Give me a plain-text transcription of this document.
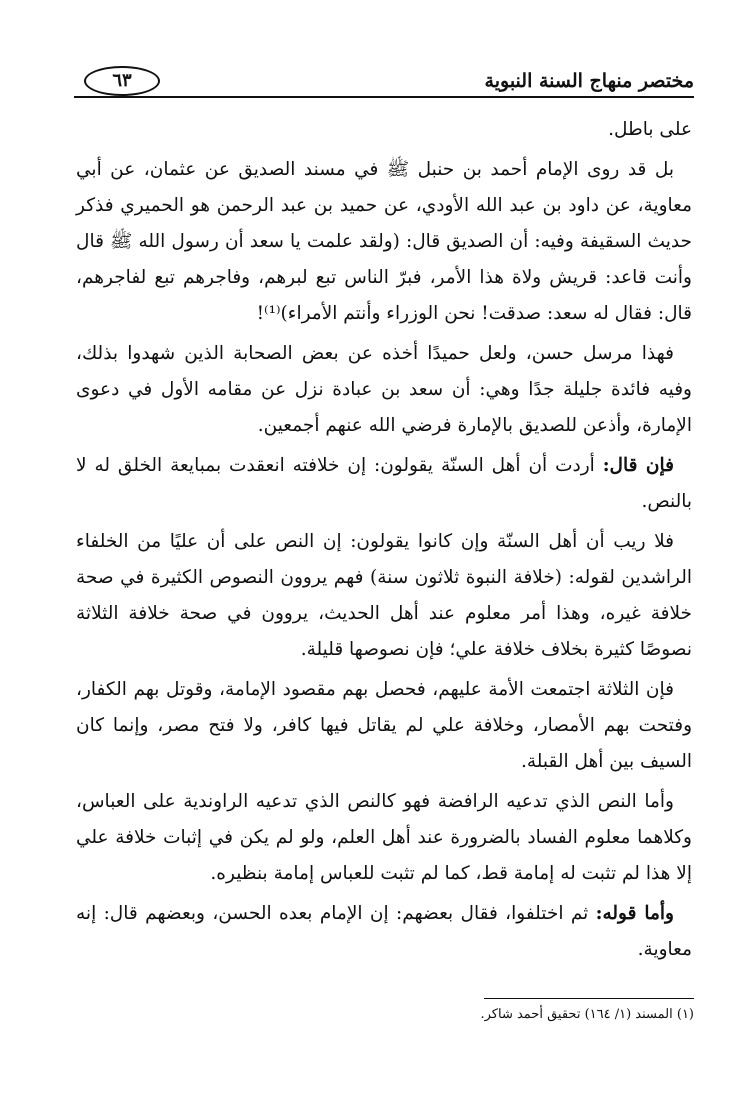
مختصر منهاج السنة النبوية
٦٣

على باطل.

بل قد روى الإمام أحمد بن حنبل ﷺ في مسند الصديق عن عثمان، عن أبي معاوية، عن داود بن عبد الله الأودي، عن حميد بن عبد الرحمن هو الحميري فذكر حديث السقيفة وفيه: أن الصديق قال: (ولقد علمت يا سعد أن رسول الله ﷺ قال وأنت قاعد: قريش ولاة هذا الأمر، فبرّ الناس تبع لبرهم، وفاجرهم تبع لفاجرهم، قال: فقال له سعد: صدقت! نحن الوزراء وأنتم الأمراء)⁽¹⁾!

فهذا مرسل حسن، ولعل حميدًا أخذه عن بعض الصحابة الذين شهدوا بذلك، وفيه فائدة جليلة جدًا وهي: أن سعد بن عبادة نزل عن مقامه الأول في دعوى الإمارة، وأذعن للصديق بالإمارة فرضي الله عنهم أجمعين.

فإن قال: أردت أن أهل السنّة يقولون: إن خلافته انعقدت بمبايعة الخلق له لا بالنص.

فلا ريب أن أهل السنّة وإن كانوا يقولون: إن النص على أن عليًا من الخلفاء الراشدين لقوله: (خلافة النبوة ثلاثون سنة) فهم يروون النصوص الكثيرة في صحة خلافة غيره، وهذا أمر معلوم عند أهل الحديث، يروون في صحة خلافة الثلاثة نصوصًا كثيرة بخلاف خلافة علي؛ فإن نصوصها قليلة.

فإن الثلاثة اجتمعت الأمة عليهم، فحصل بهم مقصود الإمامة، وقوتل بهم الكفار، وفتحت بهم الأمصار، وخلافة علي لم يقاتل فيها كافر، ولا فتح مصر، وإنما كان السيف بين أهل القبلة.

وأما النص الذي تدعيه الرافضة فهو كالنص الذي تدعيه الراوندية على العباس، وكلاهما معلوم الفساد بالضرورة عند أهل العلم، ولو لم يكن في إثبات خلافة علي إلا هذا لم تثبت له إمامة قط، كما لم تثبت للعباس إمامة بنظيره.

وأما قوله: ثم اختلفوا، فقال بعضهم: إن الإمام بعده الحسن، وبعضهم قال: إنه معاوية.

(١) المسند (١/ ١٦٤) تحقيق أحمد شاكر.
